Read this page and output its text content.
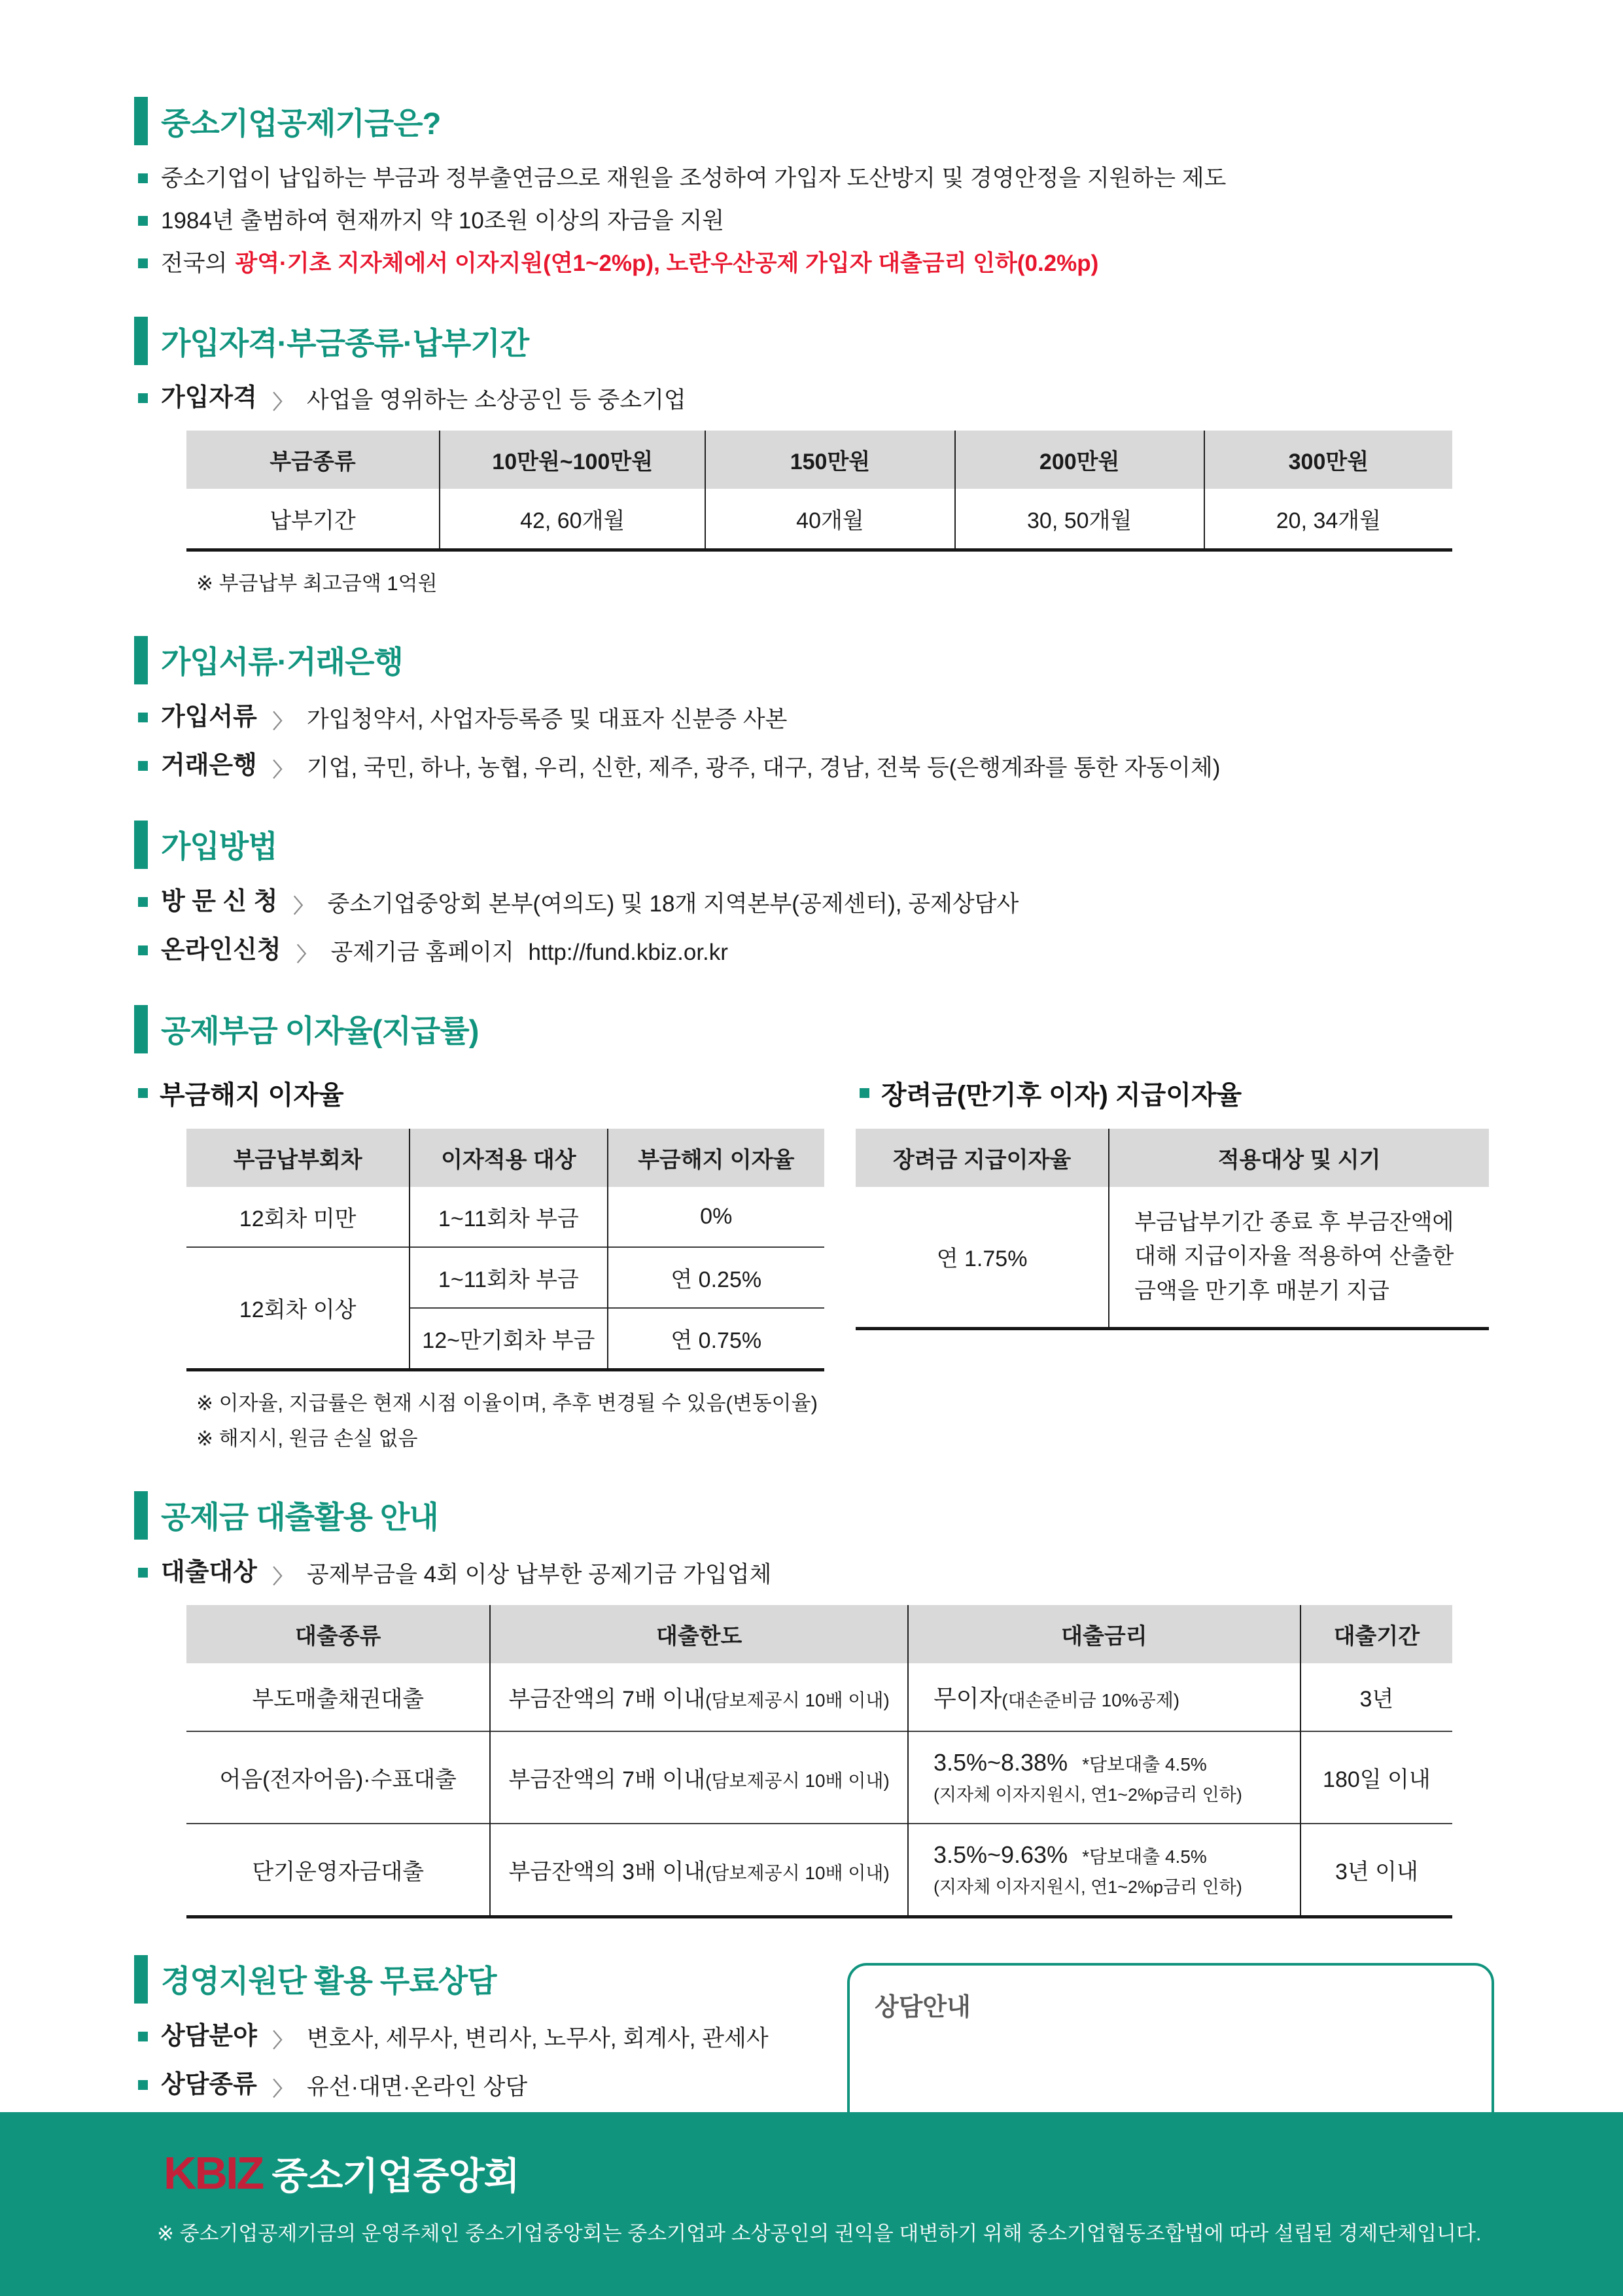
중소기업공제기금은?

중소기업이 납입하는 부금과 정부출연금으로 재원을 조성하여 가입자 도산방지 및 경영안정을 지원하는 제도

1984년 출범하여 현재까지 약 10조원 이상의 자금을 지원

전국의 광역·기초 지자체에서 이자지원(연1~2%p), 노란우산공제 가입자 대출금리 인하(0.2%p)

가입자격·부금종류·납부기간
가입자격 〉 사업을 영위하는 소상공인 등 중소기업
부금종류	10만원~100만원	150만원	200만원	300만원
납부기간	42, 60개월	40개월	30, 50개월	20, 34개월

※ 부금납부 최고금액 1억원

가입서류·거래은행
가입서류 〉 가입청약서, 사업자등록증 및 대표자 신분증 사본
거래은행 〉 기업, 국민, 하나, 농협, 우리, 신한, 제주, 광주, 대구, 경남, 전북 등(은행계좌를 통한 자동이체)
가입방법
방 문 신 청 〉 중소기업중앙회 본부(여의도) 및 18개 지역본부(공제센터), 공제상담사
온라인신청 〉 공제기금 홈페이지 http://fund.kbiz.or.kr
공제부금 이자율(지급률)
부금해지 이자율
부금납부회차	이자적용 대상	부금해지 이자율
12회차 미만	1~11회차 부금	0%
12회차 이상	1~11회차 부금	연 0.25%
	12~만기회차 부금	연 0.75%

※ 이자율, 지급률은 현재 시점 이율이며, 추후 변경될 수 있음(변동이율)

※ 해지시, 원금 손실 없음

장려금(만기후 이자) 지급이자율
장려금 지급이자율	적용대상 및 시기
연 1.75%	부금납부기간 종료 후 부금잔액에 대해 지급이자율 적용하여 산출한 금액을 만기후 매분기 지급
공제금 대출활용 안내
대출대상 〉 공제부금을 4회 이상 납부한 공제기금 가입업체
대출종류	대출한도	대출금리	대출기간
부도매출채권대출	부금잔액의 7배 이내(담보제공시 10배 이내)	무이자(대손준비금 10%공제)	3년
어음(전자어음)·수표대출	부금잔액의 7배 이내(담보제공시 10배 이내)	3.5%~8.38% *담보대출 4.5%
(지자체 이자지원시, 연1~2%p금리 인하)	180일 이내
단기운영자금대출	부금잔액의 3배 이내(담보제공시 10배 이내)	3.5%~9.63% *담보대출 4.5%
(지자체 이자지원시, 연1~2%p금리 인하)	3년 이내
경영지원단 활용 무료상담
상담분야 〉 변호사, 세무사, 변리사, 노무사, 회계사, 관세사
상담종류 〉 유선·대면·온라인 상담
상담안내
KBIZ 중소기업중앙회

※ 중소기업공제기금의 운영주체인 중소기업중앙회는 중소기업과 소상공인의 권익을 대변하기 위해 중소기업협동조합법에 따라 설립된 경제단체입니다.
